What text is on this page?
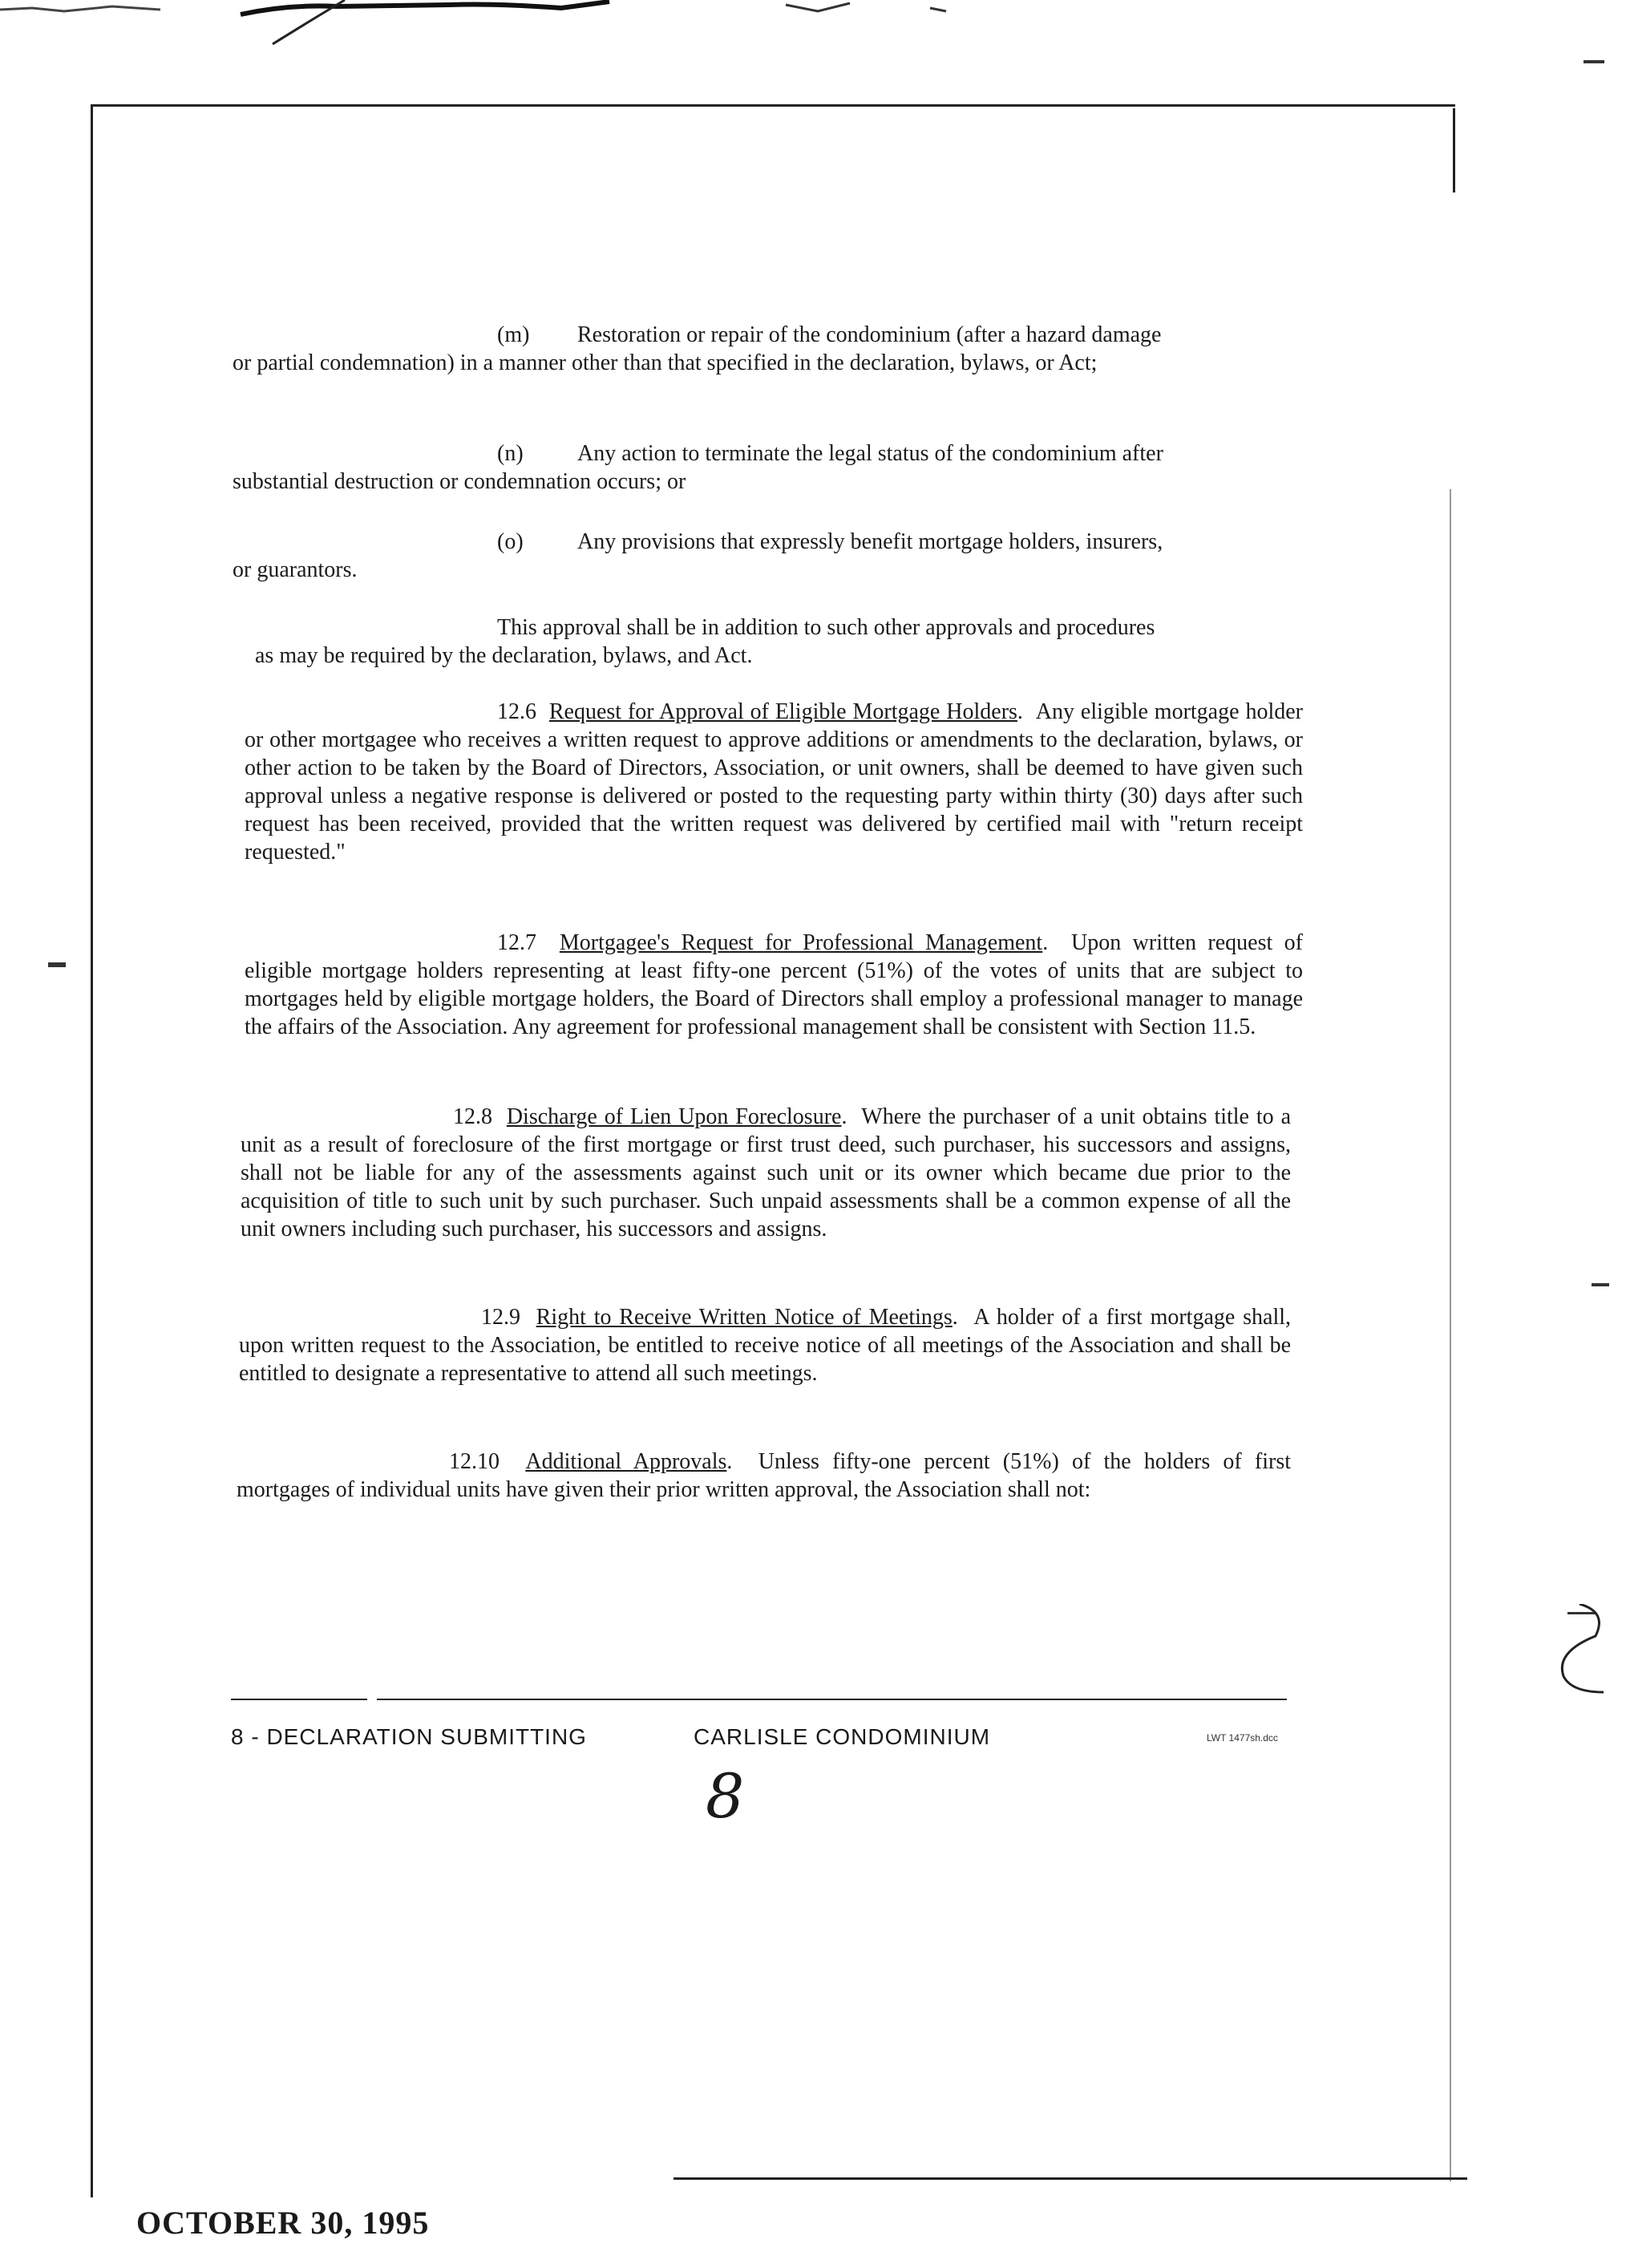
(m) Restoration or repair of the condominium (after a hazard damage

or partial condemnation) in a manner other than that specified in the declaration, bylaws, or Act;

(n) Any action to terminate the legal status of the condominium after

substantial destruction or condemnation occurs; or

(o) Any provisions that expressly benefit mortgage holders, insurers,

or guarantors.

This approval shall be in addition to such other approvals and procedures

as may be required by the declaration, bylaws, and Act.

12.6 Request for Approval of Eligible Mortgage Holders.  Any eligible mortgage holder or other mortgagee who receives a written request to approve additions or amendments to the declaration, bylaws, or other action to be taken by the Board of Directors, Association, or unit owners, shall be deemed to have given such approval unless a negative response is delivered or posted to the requesting party within thirty (30) days after such request has been received, provided that the written request was delivered by certified mail with "return receipt requested."

12.7 Mortgagee's Request for Professional Management.  Upon written request of eligible mortgage holders representing at least fifty-one percent (51%) of the votes of units that are subject to mortgages held by eligible mortgage holders, the Board of Directors shall employ a professional manager to manage the affairs of the Association. Any agreement for professional management shall be consistent with Section 11.5.

12.8 Discharge of Lien Upon Foreclosure.  Where the purchaser of a unit obtains title to a unit as a result of foreclosure of the first mortgage or first trust deed, such purchaser, his successors and assigns, shall not be liable for any of the assessments against such unit or its owner which became due prior to the acquisition of title to such unit by such purchaser. Such unpaid assessments shall be a common expense of all the unit owners including such purchaser, his successors and assigns.

12.9 Right to Receive Written Notice of Meetings.  A holder of a first mortgage shall, upon written request to the Association, be entitled to receive notice of all meetings of the Association and shall be entitled to designate a representative to attend all such meetings.

12.10 Additional Approvals.  Unless fifty-one percent (51%) of the holders of first mortgages of individual units have given their prior written approval, the Association shall not:

8 - DECLARATION SUBMITTING	CARLISLE CONDOMINIUM	LWT 1477sh.dcc
8
OCTOBER 30, 1995
